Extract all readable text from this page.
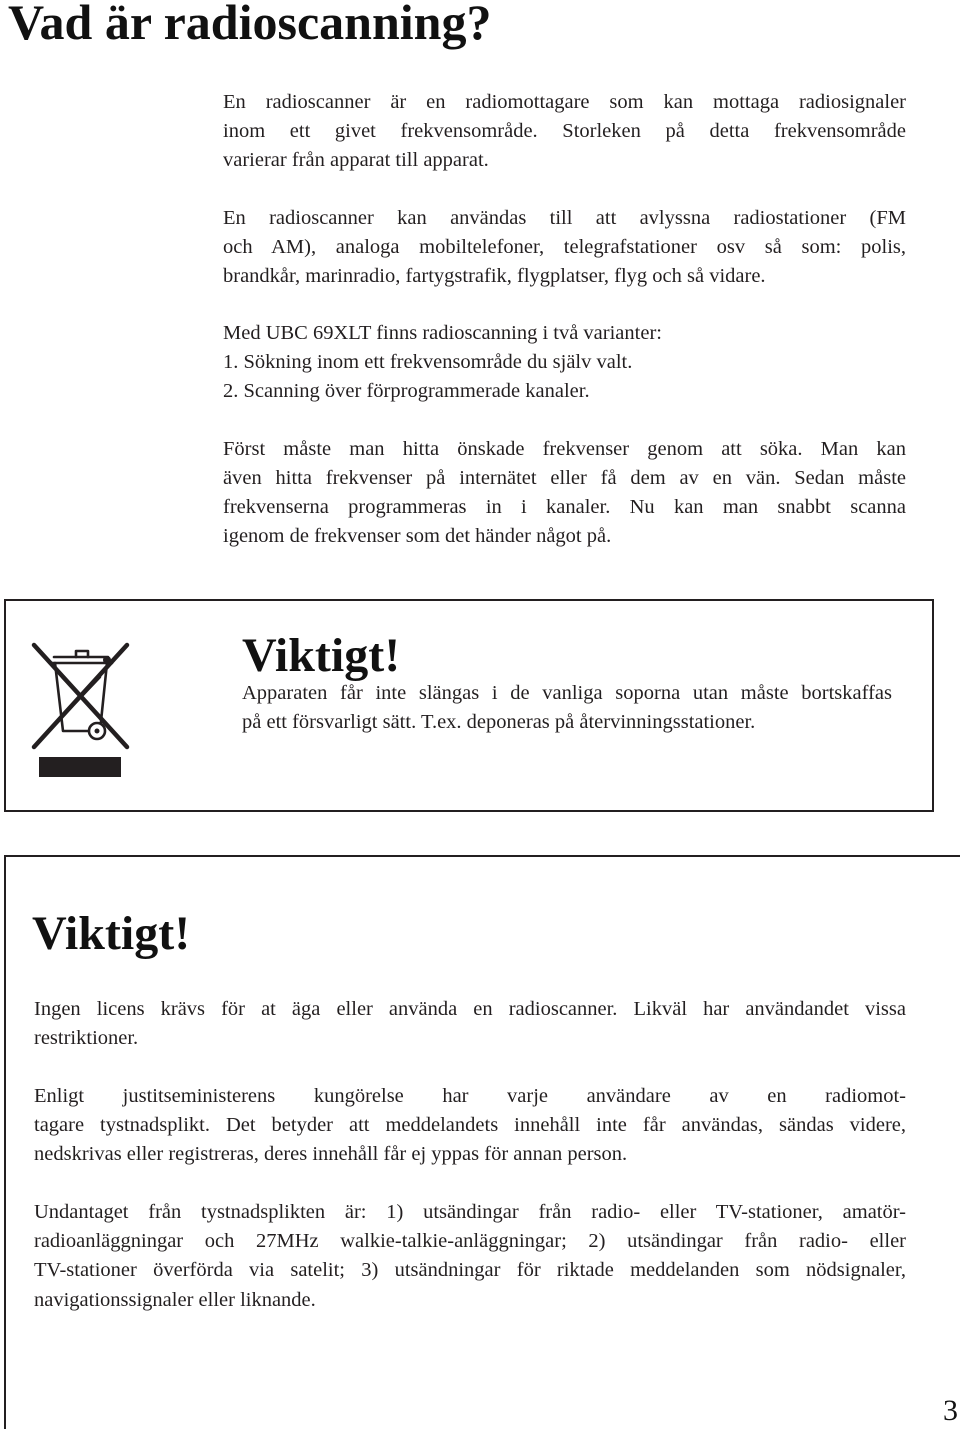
Vad är radioscanning?
En radioscanner är en radiomottagare som kan mottaga radiosignaler
inom ett givet frekvensområde. Storleken på detta frekvensområde
varierar från apparat till apparat.
En radioscanner kan användas till att avlyssna radiostationer (FM
och AM), analoga mobiltelefoner, telegrafstationer osv så som: polis,
brandkår, marinradio, fartygstrafik, flygplatser, flyg och så vidare.
Med UBC 69XLT finns radioscanning i två varianter:
1. Sökning inom ett frekvensområde du själv valt.
2. Scanning över förprogrammerade kanaler.
Först måste man hitta önskade frekvenser genom att söka. Man kan
även hitta frekvenser på internätet eller få dem av en vän. Sedan måste
frekvenserna programmeras in i kanaler. Nu kan man snabbt scanna
igenom de frekvenser som det händer något på.
Viktigt!
Apparaten får inte slängas i de vanliga soporna utan måste bortskaffas
på ett försvarligt sätt. T.ex. deponeras på återvinningsstationer.
Viktigt!
Ingen licens krävs för at äga eller använda en radioscanner. Likväl har användandet vissa
restriktioner.
Enligt justitseministerens kungörelse har varje användare av en radiomot-
tagare tystnadsplikt. Det betyder att meddelandets innehåll inte får användas, sändas videre,
nedskrivas eller registreras, deres innehåll får ej yppas för annan person.
Undantaget från tystnadsplikten är: 1) utsändingar från radio- eller TV-stationer, amatör-
radioanläggningar och 27MHz walkie-talkie-anläggningar; 2) utsändingar från radio- eller
TV-stationer överförda via satelit; 3) utsändningar för riktade meddelanden som nödsignaler,
navigationssignaler eller liknande.
3
